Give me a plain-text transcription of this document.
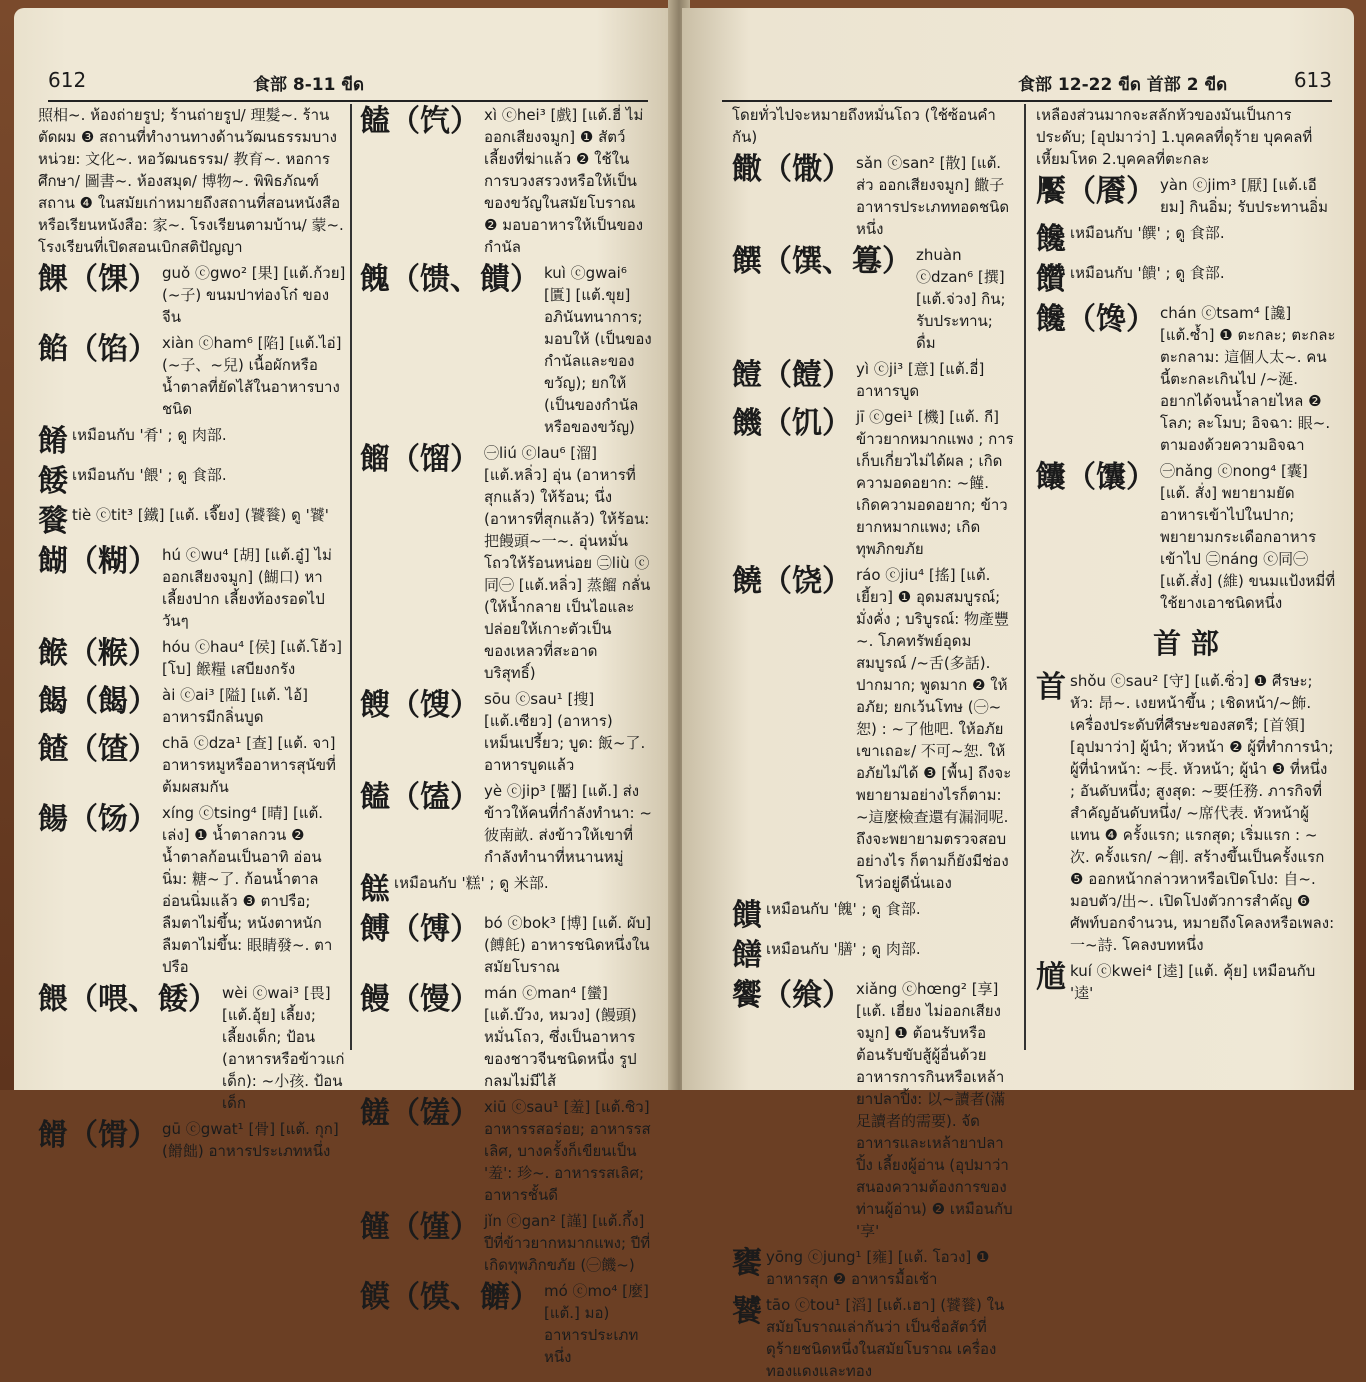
612	食部 8-11 ขีด
照相~. ห้องถ่ายรูป; ร้านถ่ายรูป/ 理髮~. ร้านตัดผม ❸ สถานที่ทำงานทางด้านวัฒนธรรมบางหน่วย: 文化~. หอวัฒนธรรม/ 教育~. หอการศึกษา/ 圖書~. ห้องสมุด/ 博物~. พิพิธภัณฑ์สถาน ❹ ในสมัยเก่าหมายถึงสถานที่สอนหนังสือหรือเรียนหนังสือ: 家~. โรงเรียนตามบ้าน/ 蒙~. โรงเรียนที่เปิดสอนเบิกสติปัญญา
餜（馃） guǒ ⓒgwo² [果] [แต้.ก้วย] (~子) ขนมปาท่องโก๋ ของจีน
餡（馅） xiàn ⓒham⁶ [陷] [แต้.ไอ่] (~子、~兒) เนื้อผักหรือน้ำตาลที่ยัดไส้ในอาหารบางชนิด
餚 เหมือนกับ '肴' ; ดู 肉部.
餧 เหมือนกับ '餵' ; ดู 食部.
餮 tiè ⓒtit³ [鐵] [แต้. เจี๊ยง] (饕餮) ดู '饕'
餬（糊） hú ⓒwu⁴ [胡] [แต้.อู๋] ไม่ออกเสียงจมูก] (餬口) หาเลี้ยงปาก เลี้ยงท้องรอดไปวันๆ
餱（糇） hóu ⓒhau⁴ [侯] [แต้.โฮ้ว] [โบ] 餱糧 เสบียงกรัง
餲（餲） ài ⓒai³ [隘] [แต้. ไอ้] อาหารมีกลิ่นบูด
餷（馇） chā ⓒdza¹ [查] [แต้. จา] อาหารหมูหรืออาหารสุนัขที่ต้มผสมกัน
餳（饧） xíng ⓒtsing⁴ [晴] [แต้. เล่ง] ❶ น้ำตาลกวน ❷ น้ำตาลก้อนเป็นอาทิ อ่อนนิ่ม: 糖~了. ก้อนน้ำตาลอ่อนนิ่มแล้ว ❸ ตาปรือ; ลืมตาไม่ขึ้น; หนังตาหนักลืมตาไม่ขึ้น: 眼睛發~. ตาปรือ
餵（喂、餧） wèi ⓒwai³ [畏] [แต้.อุ้ย] เลี้ยง; เลี้ยงเด็ก; ป้อน (อาหารหรือข้าวแก่เด็ก): ~小孩. ป้อนเด็ก
餶（馉） gū ⓒgwat¹ [骨] [แต้. กุก] (餶飿) อาหารประเภทหนึ่ง
饁（饩） xì ⓒhei³ [戲] [แต้.ฮี่ ไม่ออกเสียงจมูก] ❶ สัตว์เลี้ยงที่ฆ่าแล้ว ❷ ใช้ในการบวงสรวงหรือให้เป็นของขวัญในสมัยโบราณ ❷ มอบอาหารให้เป็นของกำนัล
餽（馈、饋） kuì ⓒgwai⁶ [匱] [แต้.ขุย] อภินันทนาการ; มอบให้ (เป็นของกำนัลและของขวัญ); ยกให้ (เป็นของกำนัลหรือของขวัญ)
餾（馏） ㊀liú ⓒlau⁶ [溜] [แต้.หลิ่ว] อุ่น (อาหารที่สุกแล้ว) ให้ร้อน; นึ่ง (อาหารที่สุกแล้ว) ให้ร้อน: 把饅頭~一~. อุ่นหมั่นโถวให้ร้อนหน่อย ㊁liù ⓒ同㊀ [แต้.หลิ่ว] 蒸餾 กลั่น (ให้น้ำกลาย เป็นไอและปล่อยให้เกาะตัวเป็นของเหลวที่สะอาด บริสุทธิ์)
餿（馊） sōu ⓒsau¹ [搜] [แต้.เซียว] (อาหาร) เหม็นเปรี้ยว; บูด: 飯~了. อาหารบูดแล้ว
饁（馌） yè ⓒjip³ [靨] [แต้.] ส่งข้าวให้คนที่กำลังทำนา: ~彼南畝. ส่งข้าวให้เขาที่กำลังทำนาที่หนานหมู่
餻 เหมือนกับ '糕' ; ดู 米部.
餺（馎） bó ⓒbok³ [博] [แต้. ผับ] (餺飥) อาหารชนิดหนึ่งในสมัยโบราณ
饅（馒） mán ⓒman⁴ [蠻] [แต้.บ๊วง, หมวง] (饅頭) หมั่นโถว, ซึ่งเป็นอาหารของชาวจีนชนิดหนึ่ง รูปกลมไม่มีไส้
饈（馐） xiū ⓒsau¹ [羞] [แต้.ซิว] อาหารรสอร่อย; อาหารรสเลิศ, บางครั้งก็เขียนเป็น '羞': 珍~. อาหารรสเลิศ; อาหารชั้นดี
饉（馑） jǐn ⓒgan² [謹] [แต้.กึ้ง] ปีที่ข้าวยากหมากแพง; ปีที่เกิดทุพภิกขภัย (㊀饑~)
饃（馍、饝） mó ⓒmo⁴ [麼] [แต้.] มอ) อาหารประเภทหนึ่ง
食部 12-22 ขีด 首部 2 ขีด	613
โดยทั่วไปจะหมายถึงหมั่นโถว (ใช้ซ้อนคำกัน)
饊（馓） sǎn ⓒsan² [散] [แต้. ส่ว ออกเสียงจมูก] 饊子 อาหารประเภททอดชนิดหนึ่ง
饌（馔、篹） zhuàn ⓒdzan⁶ [撰] [แต้.จ่วง] กิน; รับประทาน; ดื่ม
饐（饐） yì ⓒji³ [意] [แต้.อี่] อาหารบูด
饑（饥） jī ⓒgei¹ [機] [แต้. กี] ข้าวยากหมากแพง ; การเก็บเกี่ยวไม่ได้ผล ; เกิดความอดอยาก: ~饉. เกิดความอดอยาก; ข้าวยากหมากแพง; เกิดทุพภิกขภัย
饒（饶） ráo ⓒjiu⁴ [搖] [แต้. เยี้ยว] ❶ อุดมสมบูรณ์; มั่งคั่ง ; บริบูรณ์: 物產豐~. โภคทรัพย์อุดมสมบูรณ์ /~舌(多話). ปากมาก; พูดมาก ❷ ให้อภัย; ยกเว้นโทษ (㊀~恕) : ~了他吧. ให้อภัยเขาเถอะ/ 不可~恕. ให้อภัยไม่ได้ ❸ [พื้น] ถึงจะพยายามอย่างไรก็ตาม: ~這麼檢查還有漏洞呢. ถึงจะพยายามตรวจสอบอย่างไร ก็ตามก็ยังมีช่องโหว่อยู่ดีนั่นเอง
饋 เหมือนกับ '餽' ; ดู 食部.
饍 เหมือนกับ '膳' ; ดู 肉部.
饗（飨） xiǎng ⓒhœng² [享] [แต้. เฮี่ยง ไม่ออกเสียงจมูก] ❶ ต้อนรับหรือต้อนรับขับสู้ผู้อื่นด้วย อาหารการกินหรือเหล้ายาปลาปิ้ง: 以~讀者(滿足讀者的需要). จัดอาหารและเหล้ายาปลาปิ้ง เลี้ยงผู้อ่าน (อุปมาว่าสนองความต้องการของท่านผู้อ่าน) ❷ เหมือนกับ '享'
饔 yōng ⓒjung¹ [雍] [แต้. โอวง] ❶ อาหารสุก ❷ อาหารมื้อเช้า
饕 tāo ⓒtou¹ [滔] [แต้.เฮา] (饕餮) ในสมัยโบราณเล่ากันว่า เป็นชื่อสัตว์ที่ดุร้ายชนิดหนึ่งในสมัยโบราณ เครื่องทองแดงและทอง
เหลืองส่วนมากจะสลักหัวของมันเป็นการประดับ; [อุปมาว่า] 1.บุคคลที่ดุร้าย บุคคลที่เหี้ยมโหด 2.บุคคลที่ตะกละ
饜（餍） yàn ⓒjim³ [厭] [แต้.เอียม] กินอิ่ม; รับประทานอิ่ม
饞 เหมือนกับ '饌' ; ดู 食部.
饡 เหมือนกับ '饋' ; ดู 食部.
饞（馋） chán ⓒtsam⁴ [讒] [แต้.ซ้ำ] ❶ ตะกละ; ตะกละตะกลาม: 這個人太~. คนนี้ตะกละเกินไป /~涎. อยากได้จนน้ำลายไหล ❷ โลภ; ละโมบ; อิจฉา: 眼~. ตามองด้วยความอิจฉา
饢（馕） ㊀nǎng ⓒnong⁴ [囊] [แต้. สั่ง] พยายามยัดอาหารเข้าไปในปาก; พยายามกระเดือกอาหารเข้าไป ㊁náng ⓒ同㊀ [แต้.สั่ง] (維) ขนมแป้งหมี่ที่ใช้ยางเอาชนิดหนึ่ง
首 部
首 shǒu ⓒsau² [守] [แต้.ซิ่ว] ❶ ศีรษะ; หัว: 昂~. เงยหน้าขึ้น ; เชิดหน้า/~飾. เครื่องประดับที่ศีรษะของสตรี; [首領] [อุปมาว่า] ผู้นำ; หัวหน้า ❷ ผู้ที่ทำการนำ; ผู้ที่นำหน้า: ~長. หัวหน้า; ผู้นำ ❸ ที่หนึ่ง ; อันดับหนึ่ง; สูงสุด: ~要任務. ภารกิจที่สำคัญอันดับหนึ่ง/ ~席代表. หัวหน้าผู้แทน ❹ ครั้งแรก; แรกสุด; เริ่มแรก : ~次. ครั้งแรก/ ~創. สร้างขึ้นเป็นครั้งแรก ❺ ออกหน้ากล่าวหาหรือเปิดโปง: 自~. มอบตัว/出~. เปิดโปงตัวการสำคัญ ❻ ศัพท์บอกจำนวน, หมายถึงโคลงหรือเพลง: 一~詩. โคลงบทหนึ่ง
馗 kuí ⓒkwei⁴ [逵] [แต้. คุ้ย] เหมือนกับ '逵'
